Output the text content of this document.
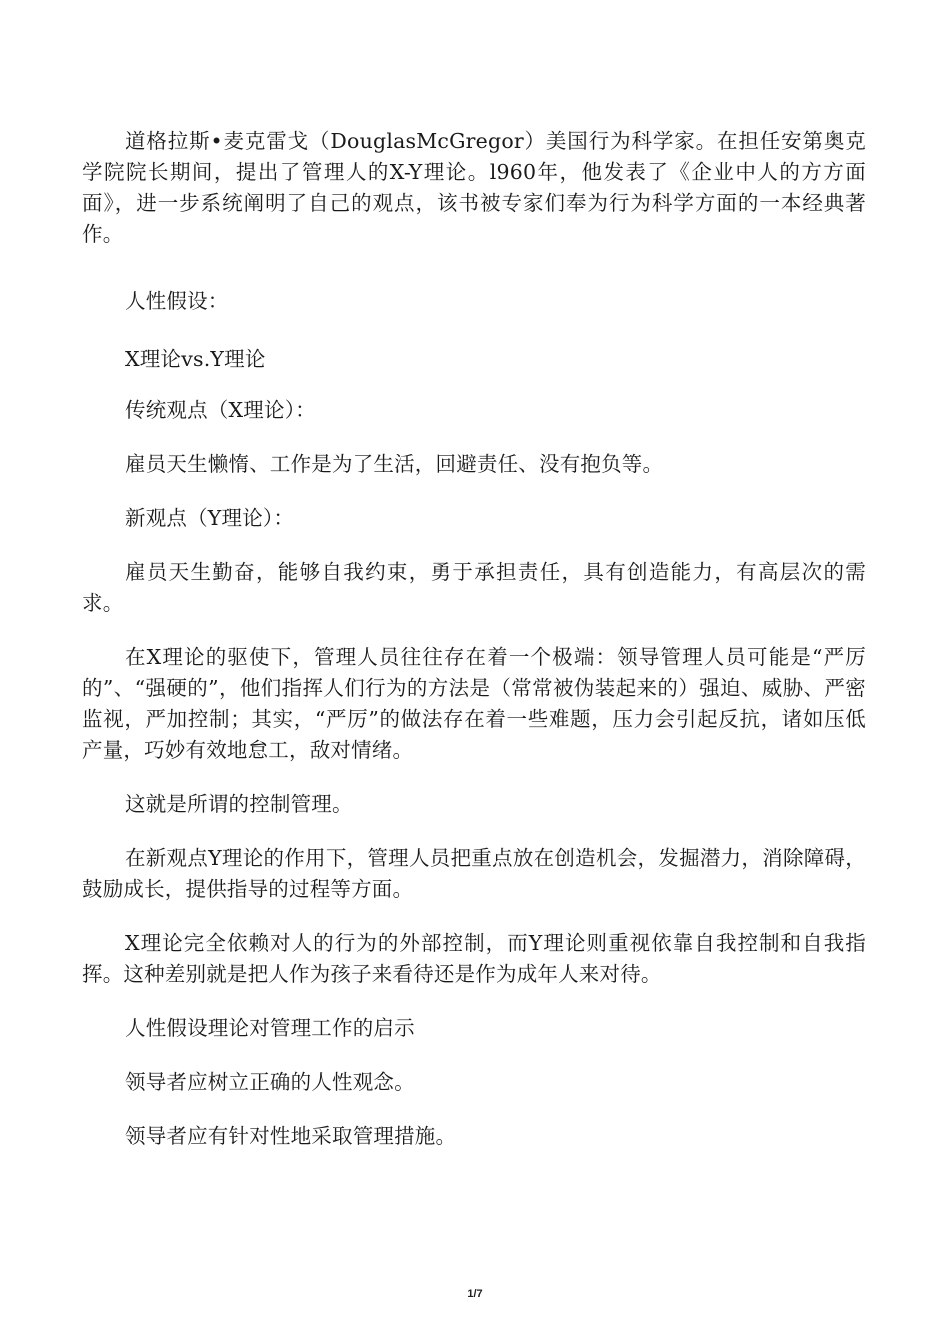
道格拉斯•麦克雷戈（DouglasMcGregor）美国行为科学家。在担任安第奥克学院院长期间，提出了管理人的X-Y理论。l960年，他发表了《企业中人的方方面面》，进一步系统阐明了自己的观点，该书被专家们奉为行为科学方面的一本经典著作。

人性假设：

X理论vs.Y理论

传统观点（X理论）：

雇员天生懒惰、工作是为了生活，回避责任、没有抱负等。

新观点（Y理论）：

雇员天生勤奋，能够自我约束，勇于承担责任，具有创造能力，有高层次的需求。

在X理论的驱使下，管理人员往往存在着一个极端：领导管理人员可能是“严厉的”、“强硬的”，他们指挥人们行为的方法是（常常被伪装起来的）强迫、威胁、严密监视，严加控制；其实，“严厉”的做法存在着一些难题，压力会引起反抗，诸如压低产量，巧妙有效地怠工，敌对情绪。

这就是所谓的控制管理。

在新观点Y理论的作用下，管理人员把重点放在创造机会，发掘潜力，消除障碍，鼓励成长，提供指导的过程等方面。

X理论完全依赖对人的行为的外部控制，而Y理论则重视依靠自我控制和自我指挥。这种差别就是把人作为孩子来看待还是作为成年人来对待。

人性假设理论对管理工作的启示

领导者应树立正确的人性观念。

领导者应有针对性地采取管理措施。

1/7
